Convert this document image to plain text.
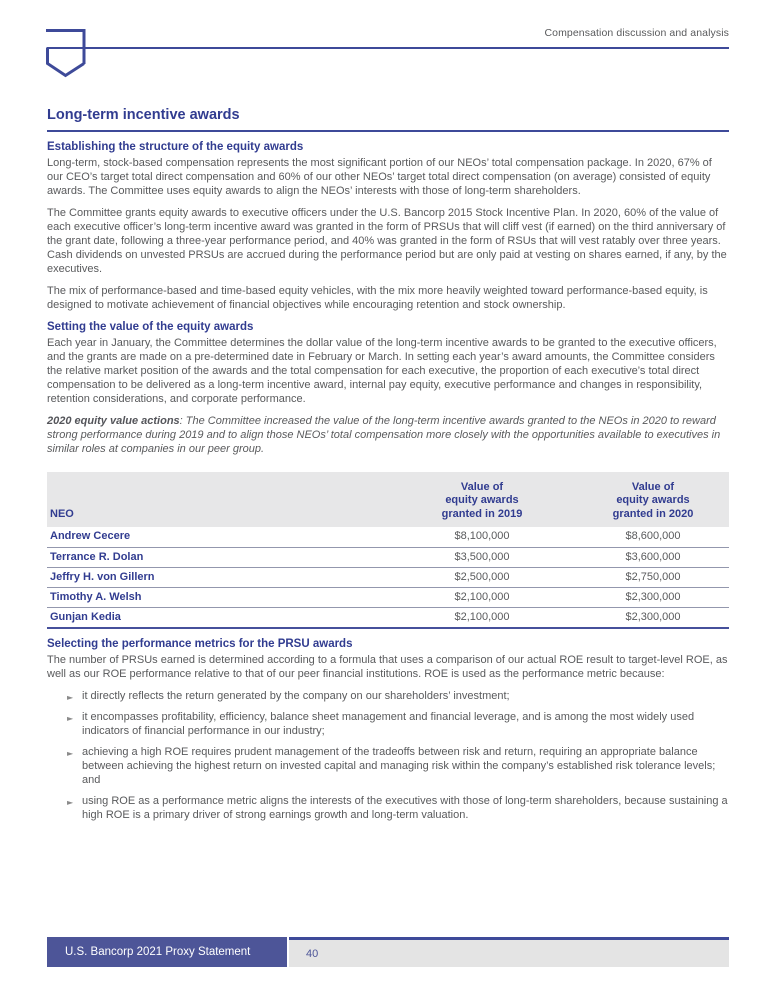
Compensation discussion and analysis
Long-term incentive awards
Establishing the structure of the equity awards

Long-term, stock-based compensation represents the most significant portion of our NEOs’ total compensation package. In 2020, 67% of our CEO’s target total direct compensation and 60% of our other NEOs’ target total direct compensation (on average) consisted of equity awards. The Committee uses equity awards to align the NEOs’ interests with those of long-term shareholders.

The Committee grants equity awards to executive officers under the U.S. Bancorp 2015 Stock Incentive Plan. In 2020, 60% of the value of each executive officer’s long-term incentive award was granted in the form of PRSUs that will cliff vest (if earned) on the third anniversary of the grant date, following a three-year performance period, and 40% was granted in the form of RSUs that will vest ratably over three years. Cash dividends on unvested PRSUs are accrued during the performance period but are only paid at vesting on shares earned, if any, by the executives.

The mix of performance-based and time-based equity vehicles, with the mix more heavily weighted toward performance-based equity, is designed to motivate achievement of financial objectives while encouraging retention and stock ownership.

Setting the value of the equity awards

Each year in January, the Committee determines the dollar value of the long-term incentive awards to be granted to the executive officers, and the grants are made on a pre-determined date in February or March. In setting each year’s award amounts, the Committee considers the relative market position of the awards and the total compensation for each executive, the proportion of each executive’s total direct compensation to be delivered as a long-term incentive award, internal pay equity, executive performance and changes in responsibility, retention considerations, and corporate performance.

2020 equity value actions: The Committee increased the value of the long-term incentive awards granted to the NEOs in 2020 to reward strong performance during 2019 and to align those NEOs’ total compensation more closely with the opportunities available to executives in similar roles at companies in our peer group.

NEO	Value of
equity awards
granted in 2019	Value of
equity awards
granted in 2020
Andrew Cecere	$8,100,000	$8,600,000
Terrance R. Dolan	$3,500,000	$3,600,000
Jeffry H. von Gillern	$2,500,000	$2,750,000
Timothy A. Welsh	$2,100,000	$2,300,000
Gunjan Kedia	$2,100,000	$2,300,000
Selecting the performance metrics for the PRSU awards

The number of PRSUs earned is determined according to a formula that uses a comparison of our actual ROE result to target-level ROE, as well as our ROE performance relative to that of our peer financial institutions. ROE is used as the performance metric because:

► it directly reflects the return generated by the company on our shareholders’ investment;
► it encompasses profitability, efficiency, balance sheet management and financial leverage, and is among the most widely used indicators of financial performance in our industry;
► achieving a high ROE requires prudent management of the tradeoffs between risk and return, requiring an appropriate balance between achieving the highest return on invested capital and managing risk within the company’s established risk tolerance levels; and
► using ROE as a performance metric aligns the interests of the executives with those of long-term shareholders, because sustaining a high ROE is a primary driver of strong earnings growth and long-term valuation.
U.S. Bancorp 2021 Proxy Statement	40
